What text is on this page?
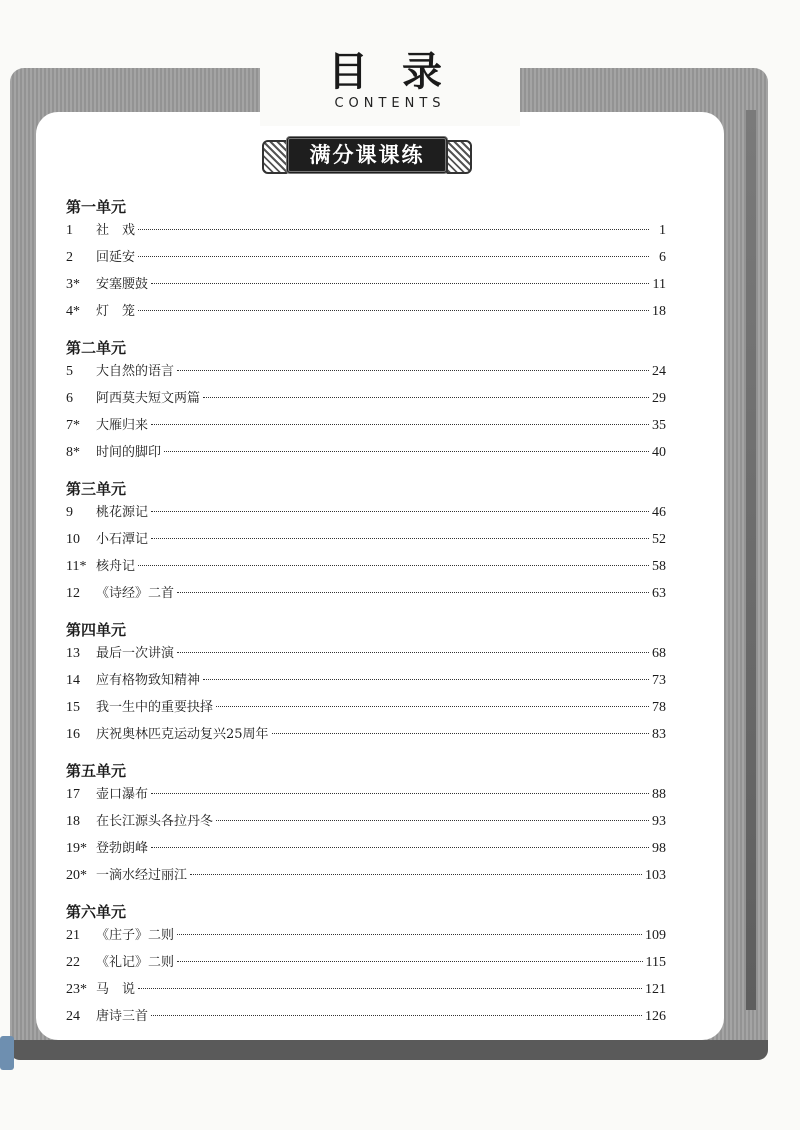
目 录
CONTENTS
满分课课练
第一单元
1	社　戏	1
2	回延安	6
3*	安塞腰鼓	11
4*	灯　笼	18
第二单元
5	大自然的语言	24
6	阿西莫夫短文两篇	29
7*	大雁归来	35
8*	时间的脚印	40
第三单元
9	桃花源记	46
10	小石潭记	52
11* 核舟记	58
12	《诗经》二首	63
第四单元
13	最后一次讲演	68
14	应有格物致知精神	73
15	我一生中的重要抉择	78
16	庆祝奥林匹克运动复兴25周年	83
第五单元
17	壶口瀑布	88
18	在长江源头各拉丹冬	93
19* 登勃朗峰	98
20* 一滴水经过丽江	103
第六单元
21	《庄子》二则	109
22	《礼记》二则	115
23* 马　说	121
24	唐诗三首	126
